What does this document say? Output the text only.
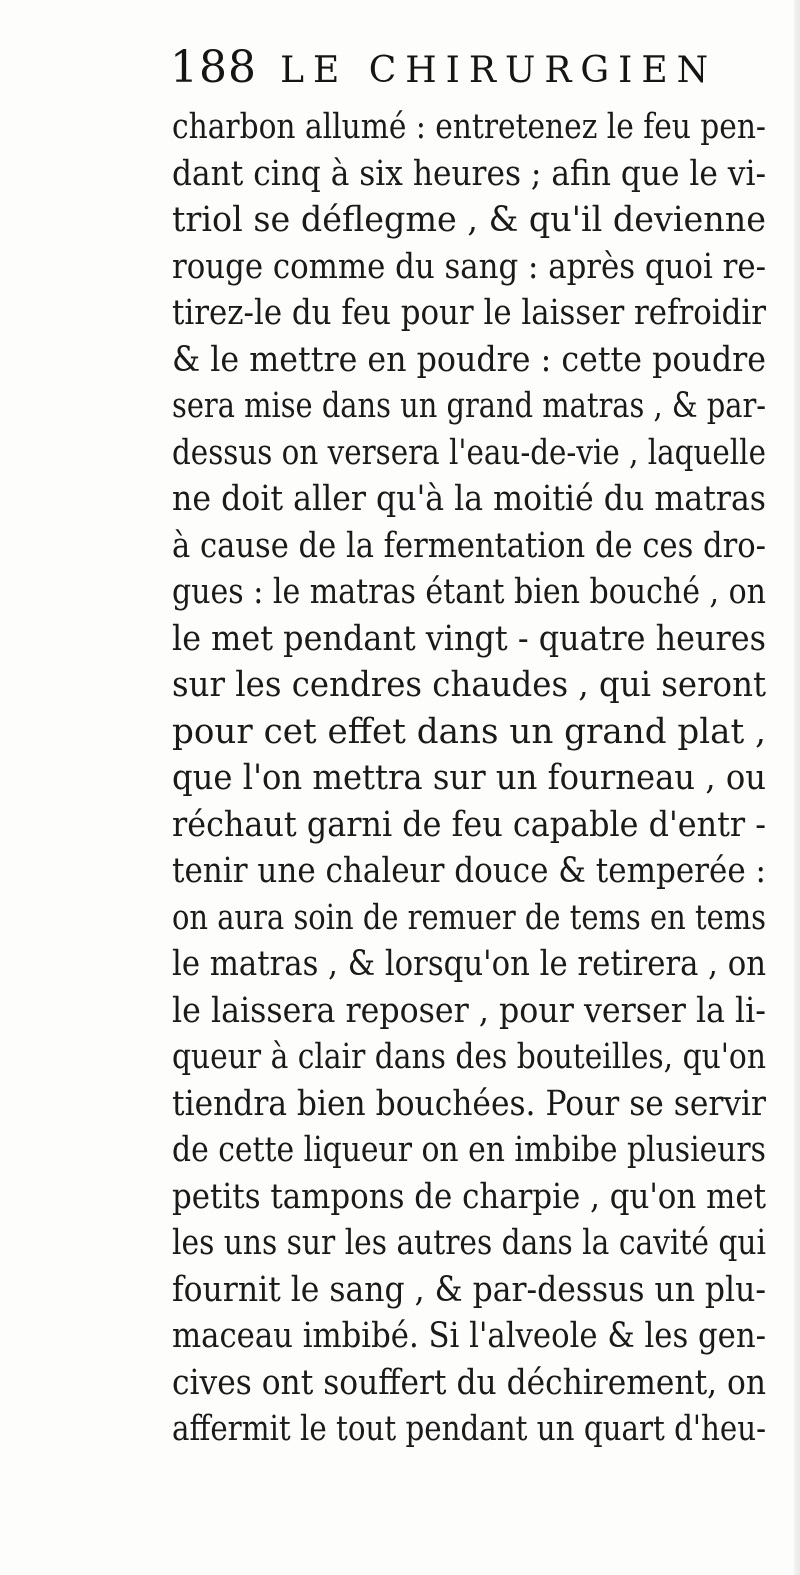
188 LE CHIRURGIEN
charbon allumé : entretenez le feu pen-
dant cinq à six heures ; afin que le vi-
triol se déflegme , & qu'il devienne
rouge comme du sang : après quoi re-
tirez-le du feu pour le laisser refroidir
& le mettre en poudre : cette poudre
sera mise dans un grand matras , & par-
dessus on versera l'eau-de-vie , laquelle
ne doit aller qu'à la moitié du matras
à cause de la fermentation de ces dro-
gues : le matras étant bien bouché , on
le met pendant vingt - quatre heures
sur les cendres chaudes , qui seront
pour cet effet dans un grand plat ,
que l'on mettra sur un fourneau , ou
réchaut garni de feu capable d'entr -
tenir une chaleur douce & temperée :
on aura soin de remuer de tems en tems
le matras , & lorsqu'on le retirera , on
le laissera reposer , pour verser la li-
queur à clair dans des bouteilles, qu'on
tiendra bien bouchées. Pour se servir
de cette liqueur on en imbibe plusieurs
petits tampons de charpie , qu'on met
les uns sur les autres dans la cavité qui
fournit le sang , & par-dessus un plu-
maceau imbibé. Si l'alveole & les gen-
cives ont souffert du déchirement, on
affermit le tout pendant un quart d'heu-
